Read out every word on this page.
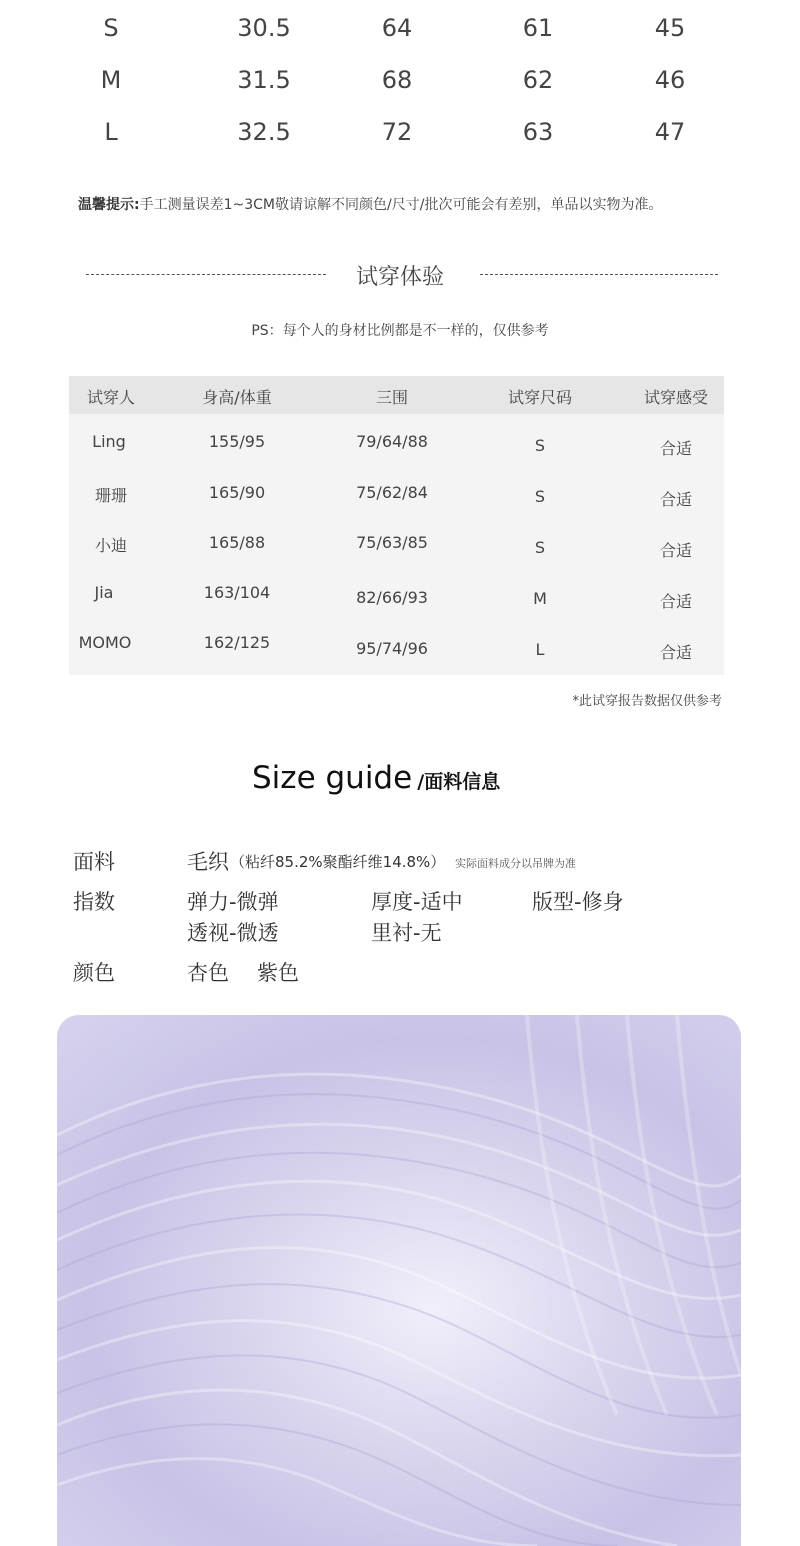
S	30.5	64	61	45
M	31.5	68	62	46
L	32.5	72	63	47
温馨提示:手工测量误差1~3CM敬请谅解不同颜色/尺寸/批次可能会有差别，单品以实物为准。
试穿体验
PS：每个人的身材比例都是不一样的，仅供参考
试穿人	身高/体重	三围	试穿尺码	试穿感受
Ling	155/95	79/64/88	S	合适
珊珊	165/90	75/62/84	S	合适
小迪	165/88	75/63/85	S	合适
Jia	163/104	82/66/93	M	合适
MOMO	162/125	95/74/96	L	合适
*此试穿报告数据仅供参考
Size guide /面料信息
面料	毛织 （粘纤85.2%聚酯纤维14.8%） 实际面料成分以吊牌为准
指数	弹力-微弹	厚度-适中	版型-修身
透视-微透	里衬-无
颜色	杏色 紫色
